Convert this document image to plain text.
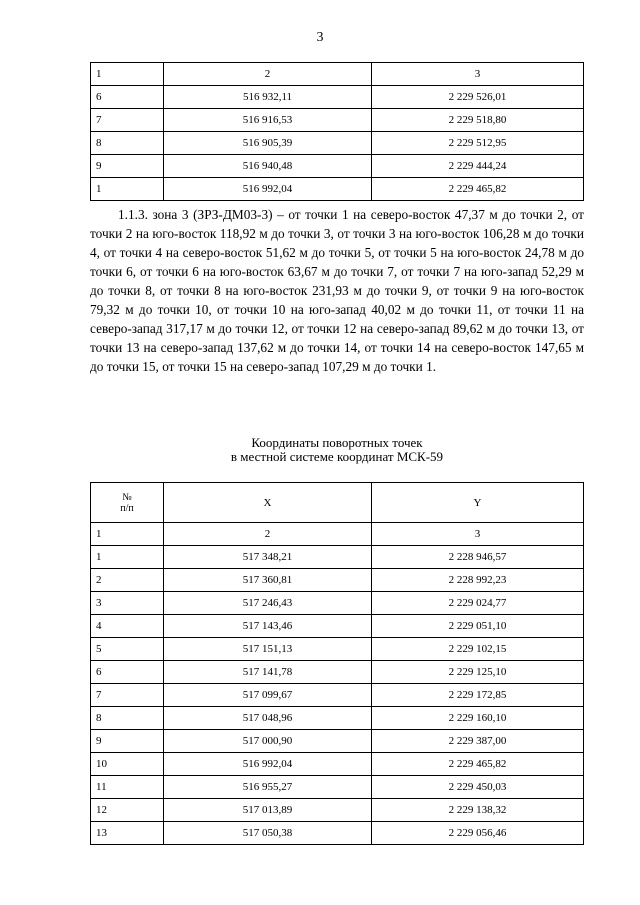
3
1	2	3
6	516 932,11	2 229 526,01
7	516 916,53	2 229 518,80
8	516 905,39	2 229 512,95
9	516 940,48	2 229 444,24
1	516 992,04	2 229 465,82

1.1.3. зона 3 (ЗРЗ-ДМ03-3) – от точки 1 на северо-восток 47,37 м до точки 2, от точки 2 на юго-восток 118,92 м до точки 3, от точки 3 на юго-восток 106,28 м до точки 4, от точки 4 на северо-восток 51,62 м до точки 5, от точки 5 на юго-восток 24,78 м до точки 6, от точки 6 на юго-восток 63,67 м до точки 7, от точки 7 на юго-запад 52,29 м до точки 8, от точки 8 на юго-восток 231,93 м до точки 9, от точки 9 на юго-восток 79,32 м до точки 10, от точки 10 на юго-запад 40,02 м до точки 11, от точки 11 на северо-запад 317,17 м до точки 12, от точки 12 на северо-запад 89,62 м до точки 13, от точки 13 на северо-запад 137,62 м до точки 14, от точки 14 на северо-восток 147,65 м до точки 15, от точки 15 на северо-запад 107,29 м до точки 1.

Координаты поворотных точек
в местной системе координат МСК-59
№
п/п	X	Y
1	2	3
1	517 348,21	2 228 946,57
2	517 360,81	2 228 992,23
3	517 246,43	2 229 024,77
4	517 143,46	2 229 051,10
5	517 151,13	2 229 102,15
6	517 141,78	2 229 125,10
7	517 099,67	2 229 172,85
8	517 048,96	2 229 160,10
9	517 000,90	2 229 387,00
10	516 992,04	2 229 465,82
11	516 955,27	2 229 450,03
12	517 013,89	2 229 138,32
13	517 050,38	2 229 056,46
